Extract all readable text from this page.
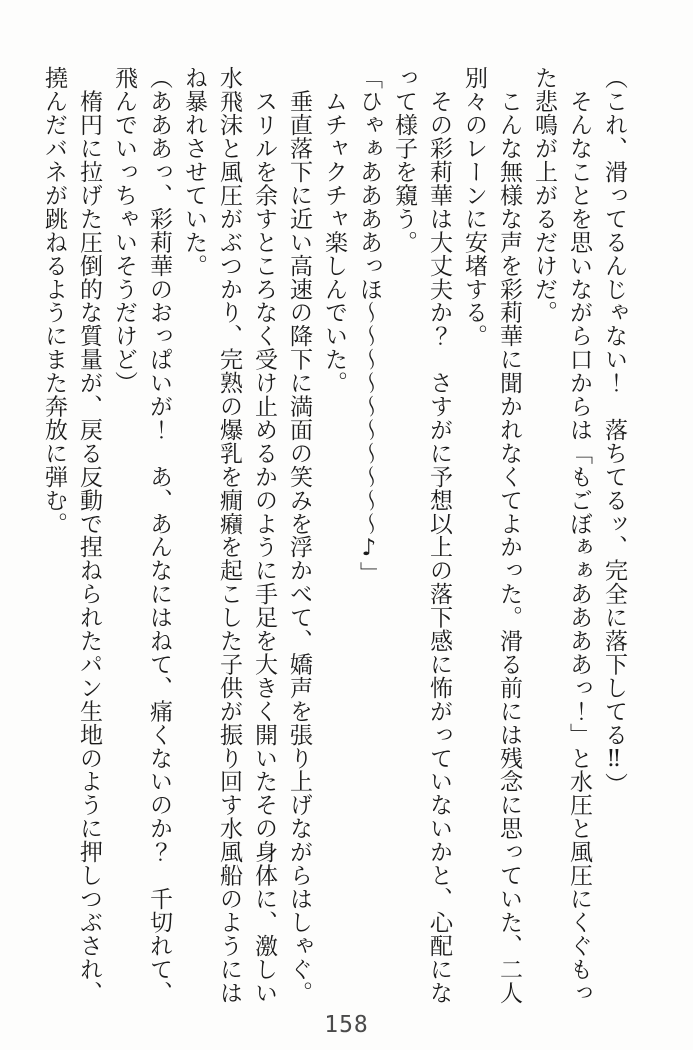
（これ、滑ってるんじゃない！　落ちてるッ、完全に落下してる‼）

　そんなことを思いながら口からは「もごぼぁぁああああっ！」と水圧と風圧にくぐもった悲鳴が上がるだけだ。

　こんな無様な声を彩莉華に聞かれなくてよかった。滑る前には残念に思っていた、二人別々のレーンに安堵する。

　その彩莉華は大丈夫か？　さすがに予想以上の落下感に怖がっていないかと、心配になって様子を窺う。

「ひゃぁああああっほ〜〜〜〜〜〜〜〜〜〜♪」

　ムチャクチャ楽しんでいた。

　垂直落下に近い高速の降下に満面の笑みを浮かべて、嬌声を張り上げながらはしゃぐ。

　スリルを余すところなく受け止めるかのように手足を大きく開いたその身体に、激しい水飛沫と風圧がぶつかり、完熟の爆乳を癇癪を起こした子供が振り回す水風船のようにはね暴れさせていた。

（あああっ、彩莉華のおっぱいが！　あ、あんなにはねて、痛くないのか？　千切れて、飛んでいっちゃいそうだけど）

　楕円に拉げた圧倒的な質量が、戻る反動で捏ねられたパン生地のように押しつぶされ、撓んだバネが跳ねるようにまた奔放に弾む。

158
